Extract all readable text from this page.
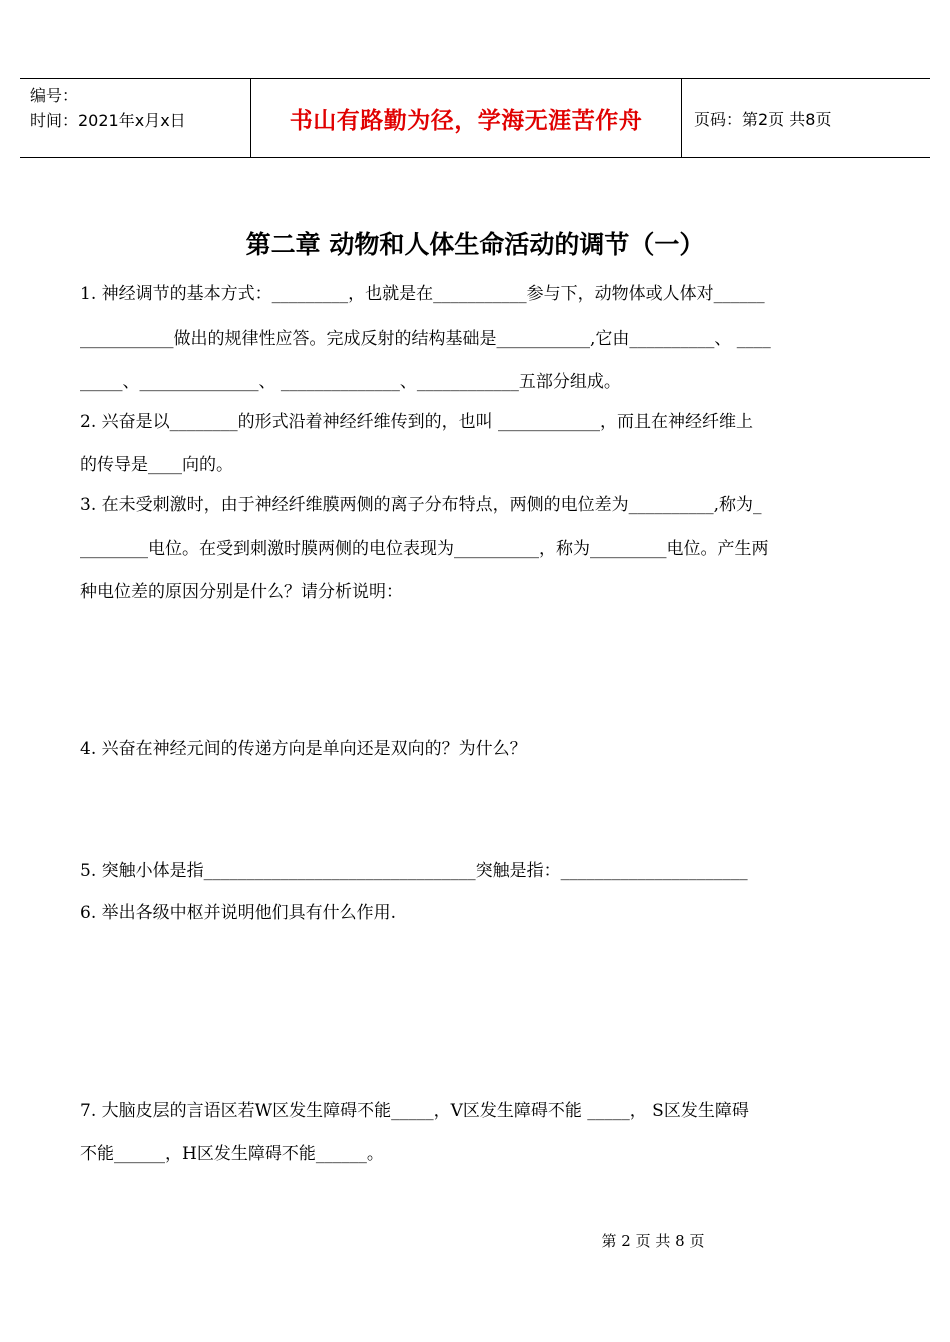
编号：
时间：2021年x月x日	书山有路勤为径，学海无涯苦作舟	页码：第2页 共8页
第二章 动物和人体生命活动的调节（一）
1. 神经调节的基本方式：_________，也就是在___________参与下，动物体或人体对______
___________做出的规律性应答。完成反射的结构基础是___________,它由__________、 ____
_____、______________、 ______________、____________五部分组成。
2. 兴奋是以________的形式沿着神经纤维传到的，也叫 ____________，而且在神经纤维上
的传导是____向的。
3. 在未受刺激时，由于神经纤维膜两侧的离子分布特点，两侧的电位差为__________,称为_
________电位。在受到刺激时膜两侧的电位表现为__________，称为_________电位。产生两
种电位差的原因分别是什么？请分析说明：
4. 兴奋在神经元间的传递方向是单向还是双向的？为什么？
5. 突触小体是指________________________________突触是指：______________________
6. 举出各级中枢并说明他们具有什么作用.
7. 大脑皮层的言语区若W区发生障碍不能_____，V区发生障碍不能 _____， S区发生障碍
不能______，H区发生障碍不能______。
第 2 页 共 8 页
